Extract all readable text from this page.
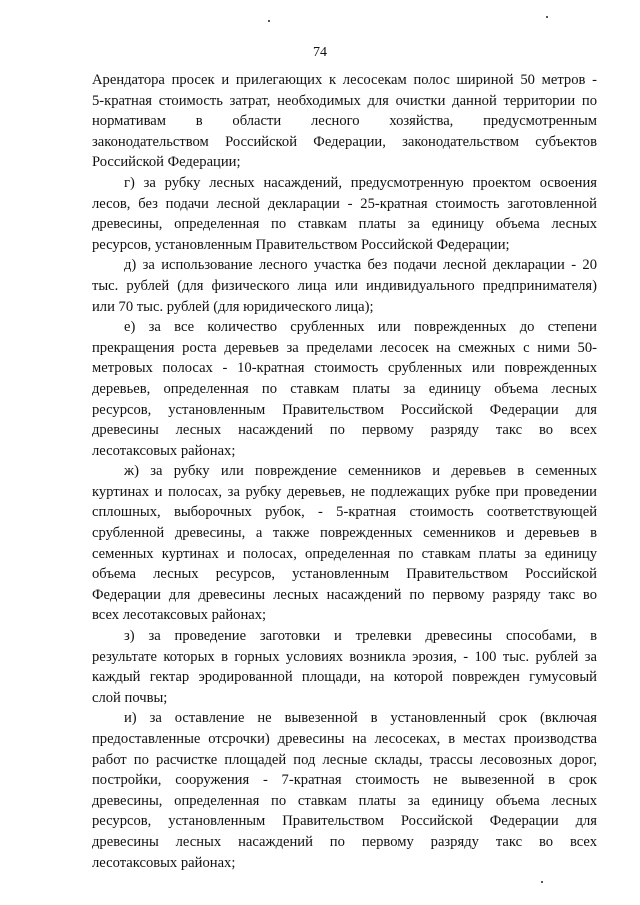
74
Арендатора просек и прилегающих к лесосекам полос шириной 50 метров -
5-кратная стоимость затрат, необходимых для очистки данной территории по
нормативам в области лесного хозяйства, предусмотренным
законодательством Российской Федерации, законодательством субъектов
Российской Федерации;
г) за рубку лесных насаждений, предусмотренную проектом освоения
лесов, без подачи лесной декларации - 25-кратная стоимость заготовленной
древесины, определенная по ставкам платы за единицу объема лесных
ресурсов, установленным Правительством Российской Федерации;
д) за использование лесного участка без подачи лесной декларации - 20
тыс. рублей (для физического лица или индивидуального предпринимателя)
или 70 тыс. рублей (для юридического лица);
е) за все количество срубленных или поврежденных до степени
прекращения роста деревьев за пределами лесосек на смежных с ними 50-
метровых полосах - 10-кратная стоимость срубленных или поврежденных
деревьев, определенная по ставкам платы за единицу объема лесных
ресурсов, установленным Правительством Российской Федерации для
древесины лесных насаждений по первому разряду такс во всех
лесотаксовых районах;
ж) за рубку или повреждение семенников и деревьев в семенных
куртинах и полосах, за рубку деревьев, не подлежащих рубке при проведении
сплошных, выборочных рубок, - 5-кратная стоимость соответствующей
срубленной древесины, а также поврежденных семенников и деревьев в
семенных куртинах и полосах, определенная по ставкам платы за единицу
объема лесных ресурсов, установленным Правительством Российской
Федерации для древесины лесных насаждений по первому разряду такс во
всех лесотаксовых районах;
з) за проведение заготовки и трелевки древесины способами, в
результате которых в горных условиях возникла эрозия, - 100 тыс. рублей за
каждый гектар эродированной площади, на которой поврежден гумусовый
слой почвы;
и) за оставление не вывезенной в установленный срок (включая
предоставленные отсрочки) древесины на лесосеках, в местах производства
работ по расчистке площадей под лесные склады, трассы лесовозных дорог,
постройки, сооружения - 7-кратная стоимость не вывезенной в срок
древесины, определенная по ставкам платы за единицу объема лесных
ресурсов, установленным Правительством Российской Федерации для
древесины лесных насаждений по первому разряду такс во всех
лесотаксовых районах;
